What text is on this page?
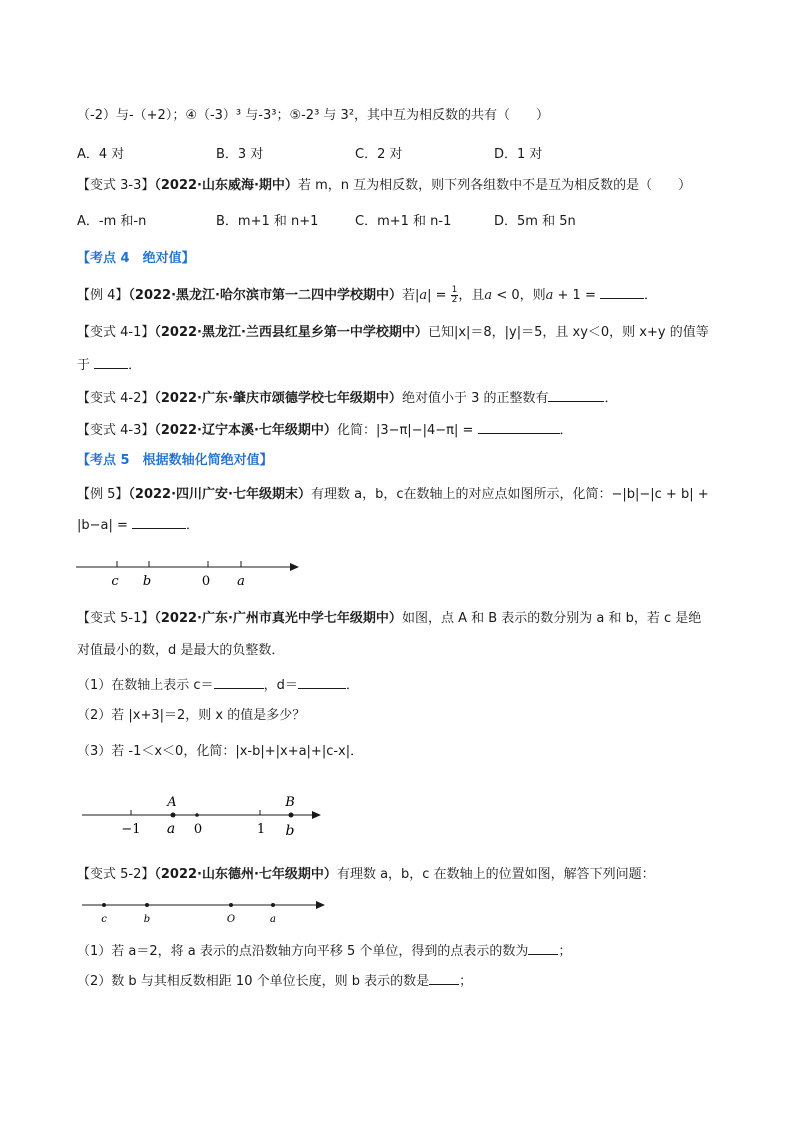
（-2）与-（+2）；④（-3）³ 与-3³；⑤-2³ 与 3²，其中互为相反数的共有（　　）
A．4 对	B．3 对	C．2 对	D．1 对
【变式 3-3】（2022·山东威海·期中）若 m，n 互为相反数，则下列各组数中不是互为相反数的是（　　）
A．-m 和-n	B．m+1 和 n+1	C．m+1 和 n-1	D．5m 和 5n
【考点 4　绝对值】
【例 4】（2022·黑龙江·哈尔滨市第一二四中学校期中）若$|a| = \frac{1}{2}$ ，且a < 0，则a + 1 =	．
【变式 4-1】（2022·黑龙江·兰西县红星乡第一中学校期中）已知|x|＝8，|y|＝5，且 xy＜0，则 x+y 的值等
于	．
【变式 4-2】（2022·广东·肇庆市颂德学校七年级期中）绝对值小于 3 的正整数有	．
【变式 4-3】（2022·辽宁本溪·七年级期中）化简：|3−π|−|4−π| =	．
【考点 5　根据数轴化简绝对值】
【例 5】（2022·四川广安·七年级期末）有理数 a，b，c在数轴上的对应点如图所示，化简：−|b|−|c + b| +
|b−a| =	．
c b	0 a
【变式 5-1】（2022·广东·广州市真光中学七年级期中）如图，点 A 和 B 表示的数分别为 a 和 b，若 c 是绝
对值最小的数，d 是最大的负整数．
（1）在数轴上表示 c＝	，d＝	．
（2）若 |x+3|＝2，则 x 的值是多少？
（3）若 -1＜x＜0，化简：|x-b|+|x+a|+|c-x|．
A	B
−1 a 0	1 b
【变式 5-2】（2022·山东德州·七年级期中）有理数 a，b，c 在数轴上的位置如图，解答下列问题：
c	b	O	a
（1）若 a＝2，将 a 表示的点沿数轴方向平移 5 个单位，得到的点表示的数为 ；
（2）数 b 与其相反数相距 10 个单位长度，则 b 表示的数是 ；
